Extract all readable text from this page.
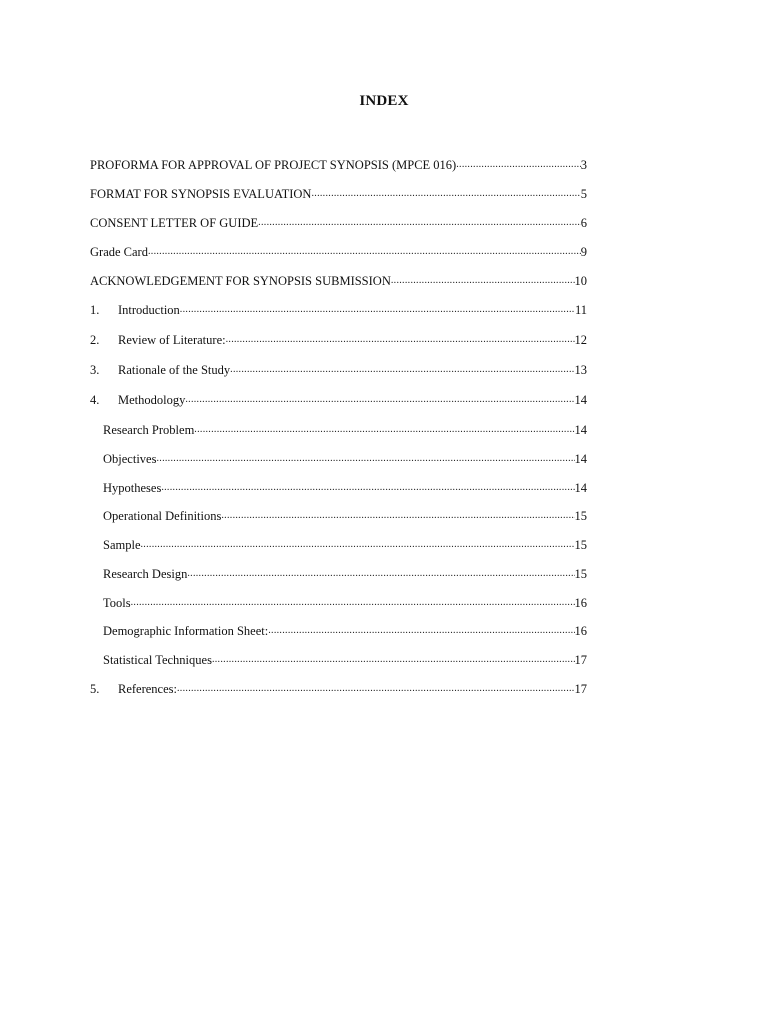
INDEX
PROFORMA FOR APPROVAL OF PROJECT SYNOPSIS (MPCE 016) .....	3
FORMAT FOR SYNOPSIS EVALUATION .....	5
CONSENT LETTER OF GUIDE .....	6
Grade Card .....	9
ACKNOWLEDGEMENT FOR SYNOPSIS SUBMISSION .....	10
1.	Introduction .....	11
2.	Review of Literature: .....	12
3.	Rationale of the Study .....	13
4.	Methodology .....	14
Research Problem .....	14
Objectives .....	14
Hypotheses .....	14
Operational Definitions .....	15
Sample .....	15
Research Design .....	15
Tools .....	16
Demographic Information Sheet: .....	16
Statistical Techniques .....	17
5.	References: .....	17
